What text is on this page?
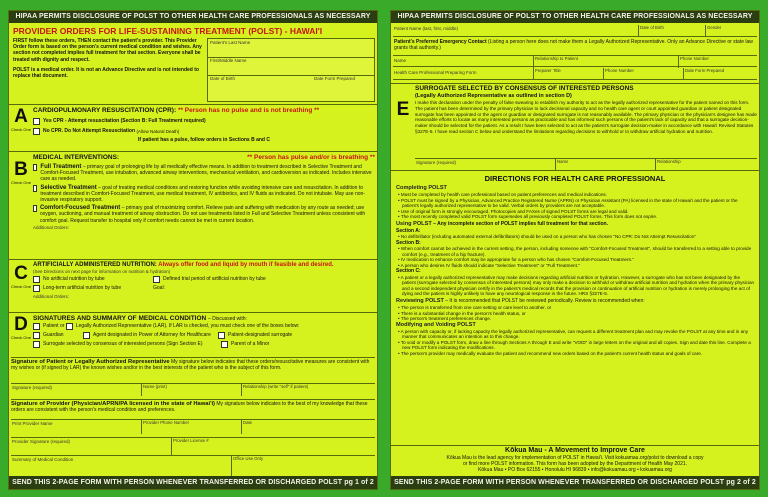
HIPAA PERMITS DISCLOSURE OF POLST TO OTHER HEALTH CARE PROFESSIONALS AS NECESSARY
PROVIDER ORDERS FOR LIFE-SUSTAINING TREATMENT (POLST) - HAWAI'I
FIRST follow these orders, THEN contact the patient's provider. This Provider Order form is based on the person's current medical condition and wishes. Any section not completed implies full treatment for that section. Everyone shall be treated with dignity and respect.
POLST is a medical order. It is not an Advance Directive and is not intended to replace that document.
Patient's Last Name
First/Middle Name
Date of Birth	Date Form Prepared
A
Check One
CARDIOPULMONARY RESUSCITATION (CPR): ** Person has no pulse and is not breathing **
Yes CPR - Attempt resuscitation (Section B: Full Treatment required)
No CPR. Do Not Attempt Resuscitation
(Allow Natural Death)
If patient has a pulse, follow orders in Sections B and C
B
Check One
MEDICAL INTERVENTIONS:	** Person has pulse and/or is breathing **
Full Treatment – primary goal of prolonging life by all medically effective means. In addition to treatment described in Selective Treatment and Comfort-Focused Treatment, use intubation, advanced airway interventions, mechanical ventilation, and cardioversion as indicated. Includes intensive care as needed.
Selective Treatment – goal of treating medical conditions and restoring function while avoiding intensive care and resuscitation. In addition to treatment described in Comfort-Focused Treatment, use medical treatment, IV antibiotics, and IV fluids as indicated. Do not intubate. May use non-invasive respiratory support.
Comfort-Focused Treatment – primary goal of maximizing comfort. Relieve pain and suffering with medication by any route as needed; use oxygen, suctioning, and manual treatment of airway obstruction. Do not use treatments listed in Full and Selective Treatment unless consistent with comfort goal. Request transfer to hospital only if comfort needs cannot be met in current location.
Additional Orders:
C
Check One
ARTIFICIALLY ADMINISTERED NUTRITION: Always offer food and liquid by mouth if feasible and desired.
(See Directions on next page for information on nutrition & hydration)
No artificial nutrition by tube	Defined trial period of artificial nutrition by tube
Long-term artificial nutrition by tube	Goal:
Additional Orders:
D
Check One
SIGNATURES AND SUMMARY OF MEDICAL CONDITION – Discussed with:
Patient or
Legally Authorized Representative (LAR). If LAR is checked, you must check one of the boxes below:
Guardian	Agent designated in Power of Attorney for Healthcare	Patient-designated surrogate
Surrogate selected by consensus of interested persons (Sign Section E)	Parent of a Minor
Signature of Patient or Legally Authorized Representative My signature below indicates that these orders/resuscitative measures are consistent with my wishes or (if signed by LAR) the known wishes and/or in the best interests of the patient who is the subject of this form.
Signature (required)	Name (print)	Relationship (write "self" if patient)
Signature of Provider (Physician/APRN/PA licensed in the state of Hawai'i) My signature below indicates to the best of my knowledge that these orders are consistent with the person's medical condition and preferences.
Print Provider Name	Provider Phone Number	Date
Provider Signature (required)	Provider License #
Summary of Medical Condition	Office Use Only
SEND THIS 2-PAGE FORM WITH PERSON WHENEVER TRANSFERRED OR DISCHARGED POLST pg 1 of 2
HIPAA PERMITS DISCLOSURE OF POLST TO OTHER HEALTH CARE PROFESSIONALS AS NECESSARY
Patient Name (last, first, middle)	Date of Birth	Gender
Patient's Preferred Emergency Contact (Listing a person here does not make them a Legally Authorized Representative. Only an Advance Directive or state law grants that authority.)
Name	Relationship to Patient	Phone Number
Health Care Professional Preparing Form	Preparer Title	Phone Number	Date Form Prepared
E
SURROGATE SELECTED BY CONSENSUS OF INTERESTED PERSONS
(Legally Authorized Representative as outlined in section D)
I make this declaration under the penalty of false swearing to establish my authority to act as the legally authorized representative for the patient named on this form. The patient has been determined by the primary physician to lack decisional capacity and no health care agent or court appointed guardian or patient designated surrogate has been appointed or the agent or guardian or designated surrogate is not reasonably available. The primary physician or the physician's designee has made reasonable efforts to locate as many interested persons as practicable and has informed such persons of the patient's lack of capacity and that a surrogate decision-maker should be selected for the patient. As a result I have been selected to act as the patient's surrogate decision-maker in accordance with Hawai'i Revised Statutes §327E-5. I have read section C below and understand the limitations regarding decisions to withhold or to withdraw artificial hydration and nutrition.
Signature (required)	Name	Relationship
DIRECTIONS FOR HEALTH CARE PROFESSIONAL
Completing POLST
• Must be completed by health care professional based on patient preferences and medical indications.
• POLST must be signed by a Physician, Advanced Practice Registered Nurse (APRN) or Physician Assistant (PA) licensed in the state of Hawai'i and the patient or the patient's legally authorized representative to be valid. Verbal orders by providers are not acceptable.
• Use of original form is strongly encouraged. Photocopies and FAXes of signed POLST forms are legal and valid.
• The most recently completed valid POLST form supersedes all previously completed POLST forms. This form does not expire.
Using POLST – Any incomplete section of POLST implies full treatment for that section.
Section A:
• No defibrillator (including automated external defibrillators) should be used on a person who has chosen "No CPR: Do Not Attempt Resuscitation"
Section B:
• When comfort cannot be achieved in the current setting, the person, including someone with "Comfort-Focused Treatment", should be transferred to a setting able to provide comfort (e.g., treatment of a hip fracture).
• IV medication to enhance comfort may be appropriate for a person who has chosen "Comfort-Focused Treatment."
• A person who desires IV fluids should indicate "Selective Treatment" or "Full Treatment."
Section C:
• A patient or a legally authorized representative may make decisions regarding artificial nutrition or hydration. However, a surrogate who has not been designated by the patient (surrogate selected by consensus of interested persons) may only make a decision to withhold or withdraw artificial nutrition and hydration when the primary physician and a second independent physician certify in the patient's medical records that the provision or continuation of artificial nutrition or hydration is merely prolonging the act of dying and the patient is highly unlikely to have any neurological response in the future. HRS §327E-5.
Reviewing POLST – It is recommended that POLST be reviewed periodically. Review is recommended when:
• The person is transferred from one care setting or care level to another, or
• There is a substantial change in the person's health status, or
• The person's treatment preferences change.
Modifying and Voiding POLST
• A person with capacity or, if lacking capacity the legally authorized representative, can request a different treatment plan and may revoke the POLST at any time and in any manner that communicates an intention as to this change.
• To void or modify a POLST form, draw a line through Sections A through E and write "VOID" in large letters on the original and all copies. Sign and date this line. Complete a new POLST form indicating the modifications.
• The person's provider may medically evaluate the patient and recommend new orders based on the patient's current health status and goals of care.
Kōkua Mau - A Movement to Improve Care
Kōkua Mau is the lead agency for implementation of POLST in Hawai'i. Visit kokuamau.org/polst to download a copy
or find more POLST information. This form has been adopted by the Department of Health May 2021.
Kōkua Mau • PO Box 62155 • Honolulu HI 96839 • info@kokuamau.org • kokuamau.org
SEND THIS 2-PAGE FORM WITH PERSON WHENEVER TRANSFERRED OR DISCHARGED POLST pg 2 of 2
